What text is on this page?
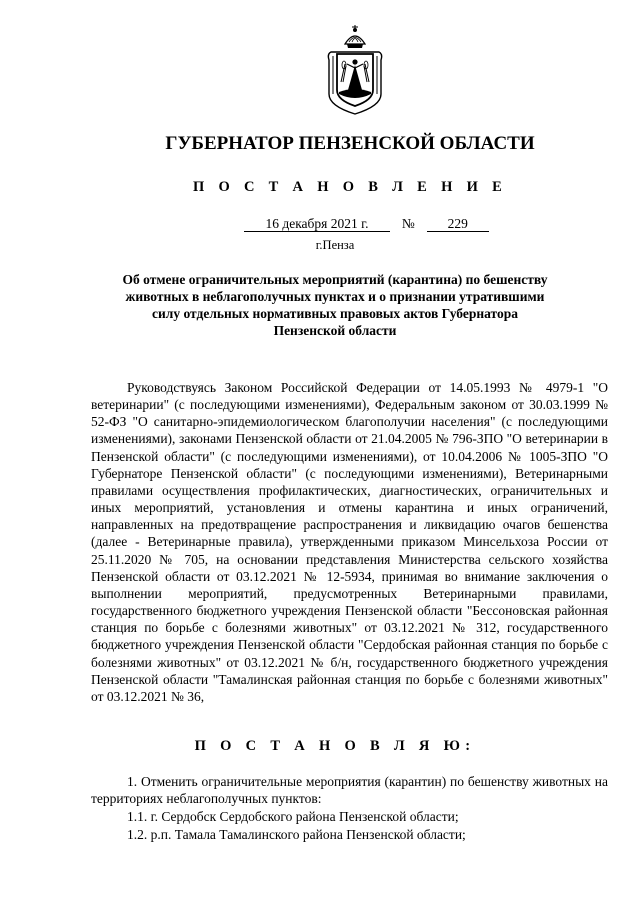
ГУБЕРНАТОР ПЕНЗЕНСКОЙ ОБЛАСТИ
П О С Т А Н О В Л Е Н И Е
16 декабря 2021 г. № 229
г.Пенза
Об отмене ограничительных мероприятий (карантина) по бешенству животных в неблагополучных пунктах и о признании утратившими силу отдельных нормативных правовых актов Губернатора Пензенской области

Руководствуясь Законом Российской Федерации от 14.05.1993 № 4979-1 "О ветеринарии" (с последующими изменениями), Федеральным законом от 30.03.1999 № 52-ФЗ "О санитарно-эпидемиологическом благополучии населения" (с последующими изменениями), законами Пензенской области от 21.04.2005 № 796-ЗПО "О ветеринарии в Пензенской области" (с последующими изменениями), от 10.04.2006 № 1005-ЗПО "О Губернаторе Пензенской области" (с последующими изменениями), Ветеринарными правилами осуществления профилактических, диагностических, ограничительных и иных мероприятий, установления и отмены карантина и иных ограничений, направленных на предотвращение распространения и ликвидацию очагов бешенства (далее - Ветеринарные правила), утвержденными приказом Минсельхоза России от 25.11.2020 № 705, на основании представления Министерства сельского хозяйства Пензенской области от 03.12.2021 № 12-5934, принимая во внимание заключения о выполнении мероприятий, предусмотренных Ветеринарными правилами, государственного бюджетного учреждения Пензенской области "Бессоновская районная станция по борьбе с болезнями животных" от 03.12.2021 № 312, государственного бюджетного учреждения Пензенской области "Сердобская районная станция по борьбе с болезнями животных" от 03.12.2021 № б/н, государственного бюджетного учреждения Пензенской области "Тамалинская районная станция по борьбе с болезнями животных" от 03.12.2021 № 36,

П О С Т А Н О В Л Я Ю:

1. Отменить ограничительные мероприятия (карантин) по бешенству животных на территориях неблагополучных пунктов:

1.1. г. Сердобск Сердобского района Пензенской области;

1.2. р.п. Тамала Тамалинского района Пензенской области;
